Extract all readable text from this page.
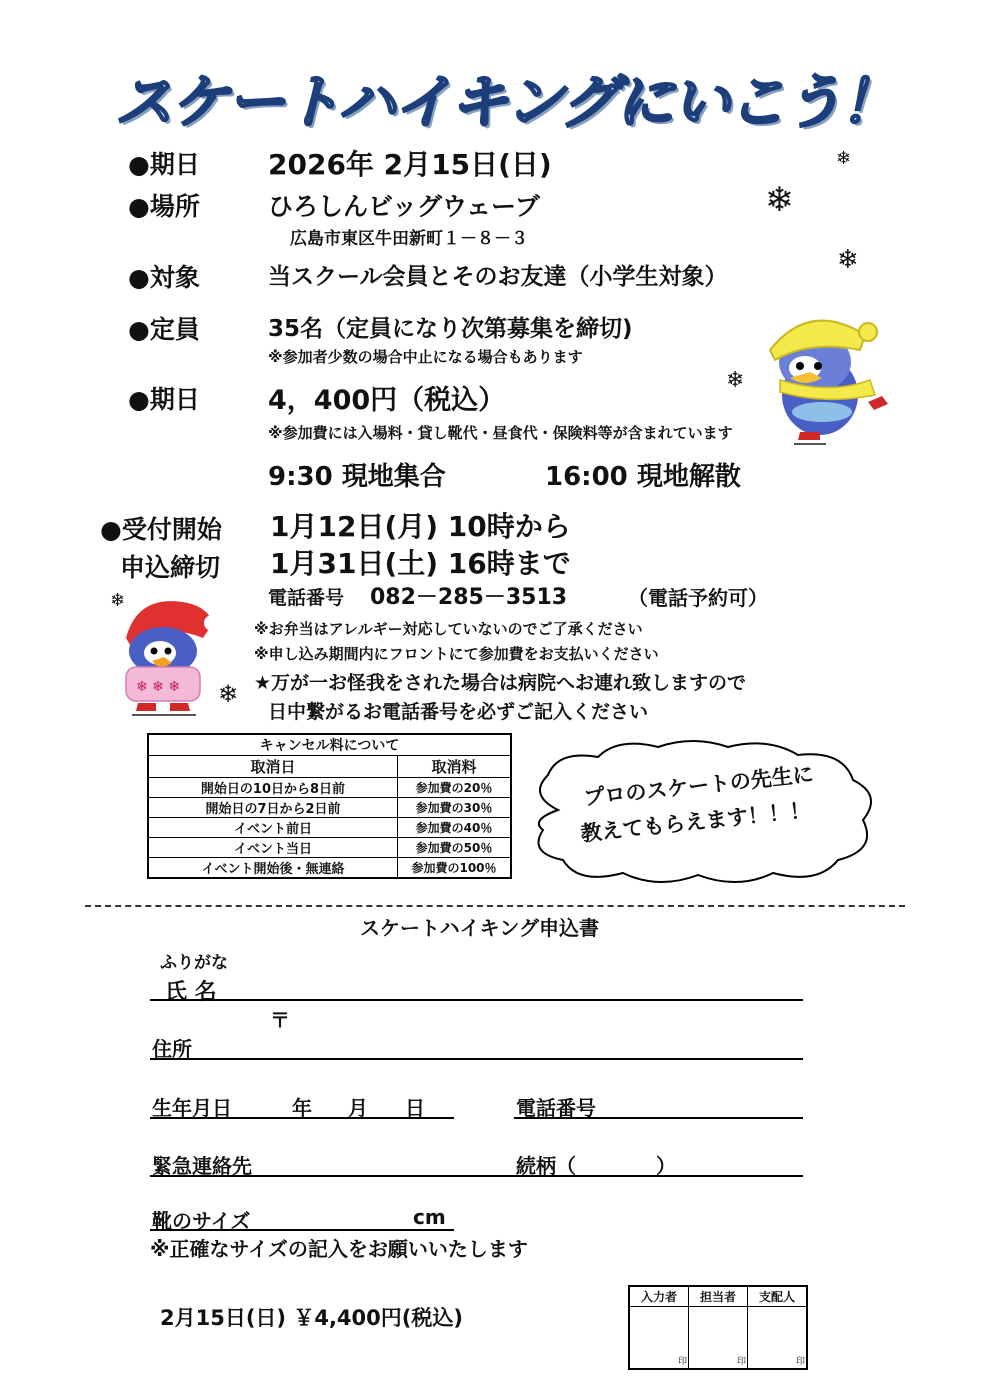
スケートハイキングにいこう！
●期日 2026年 2月15日(日)
●場所	ひろしんビッグウェーブ
広島市東区牛田新町１－８－３
●対象	当スクール会員とそのお友達（小学生対象）
●定員	35名（定員になり次第募集を締切)
※参加者少数の場合中止になる場合もあります
●期日	4，400円（税込）
※参加費には入場料・貸し靴代・昼食代・保険料等が含まれています
9:30 現地集合	16:00 現地解散
●受付開始 1月12日(月) 10時から
申込締切 1月31日(土) 16時まで
電話番号 082－285－3513	（電話予約可）
※お弁当はアレルギー対応していないのでご了承ください
※申し込み期間内にフロントにて参加費をお支払いください
★万が一お怪我をされた場合は病院へお連れ致しますので
日中繋がるお電話番号を必ずご記入ください
❄
❄
❄
❄
❄
❄
❄ ❄ ❄
キャンセル料について	
取消日	取消料
開始日の10日から8日前	参加費の20％
開始日の7日から2日前	参加費の30％
イベント前日	参加費の40％
イベント当日	参加費の50％
イベント開始後・無連絡	参加費の100％
プロのスケートの先生に
教えてもらえます！！！
スケートハイキング申込書
ふりがな
氏 名
〒
住所
生年月日	年 月 日	電話番号
緊急連絡先	続柄（　　　　）
靴のサイズ	cm
※正確なサイズの記入をお願いいたします
2月15日(日) ￥4,400円(税込)
入力者	担当者	支配人
印	印	印
